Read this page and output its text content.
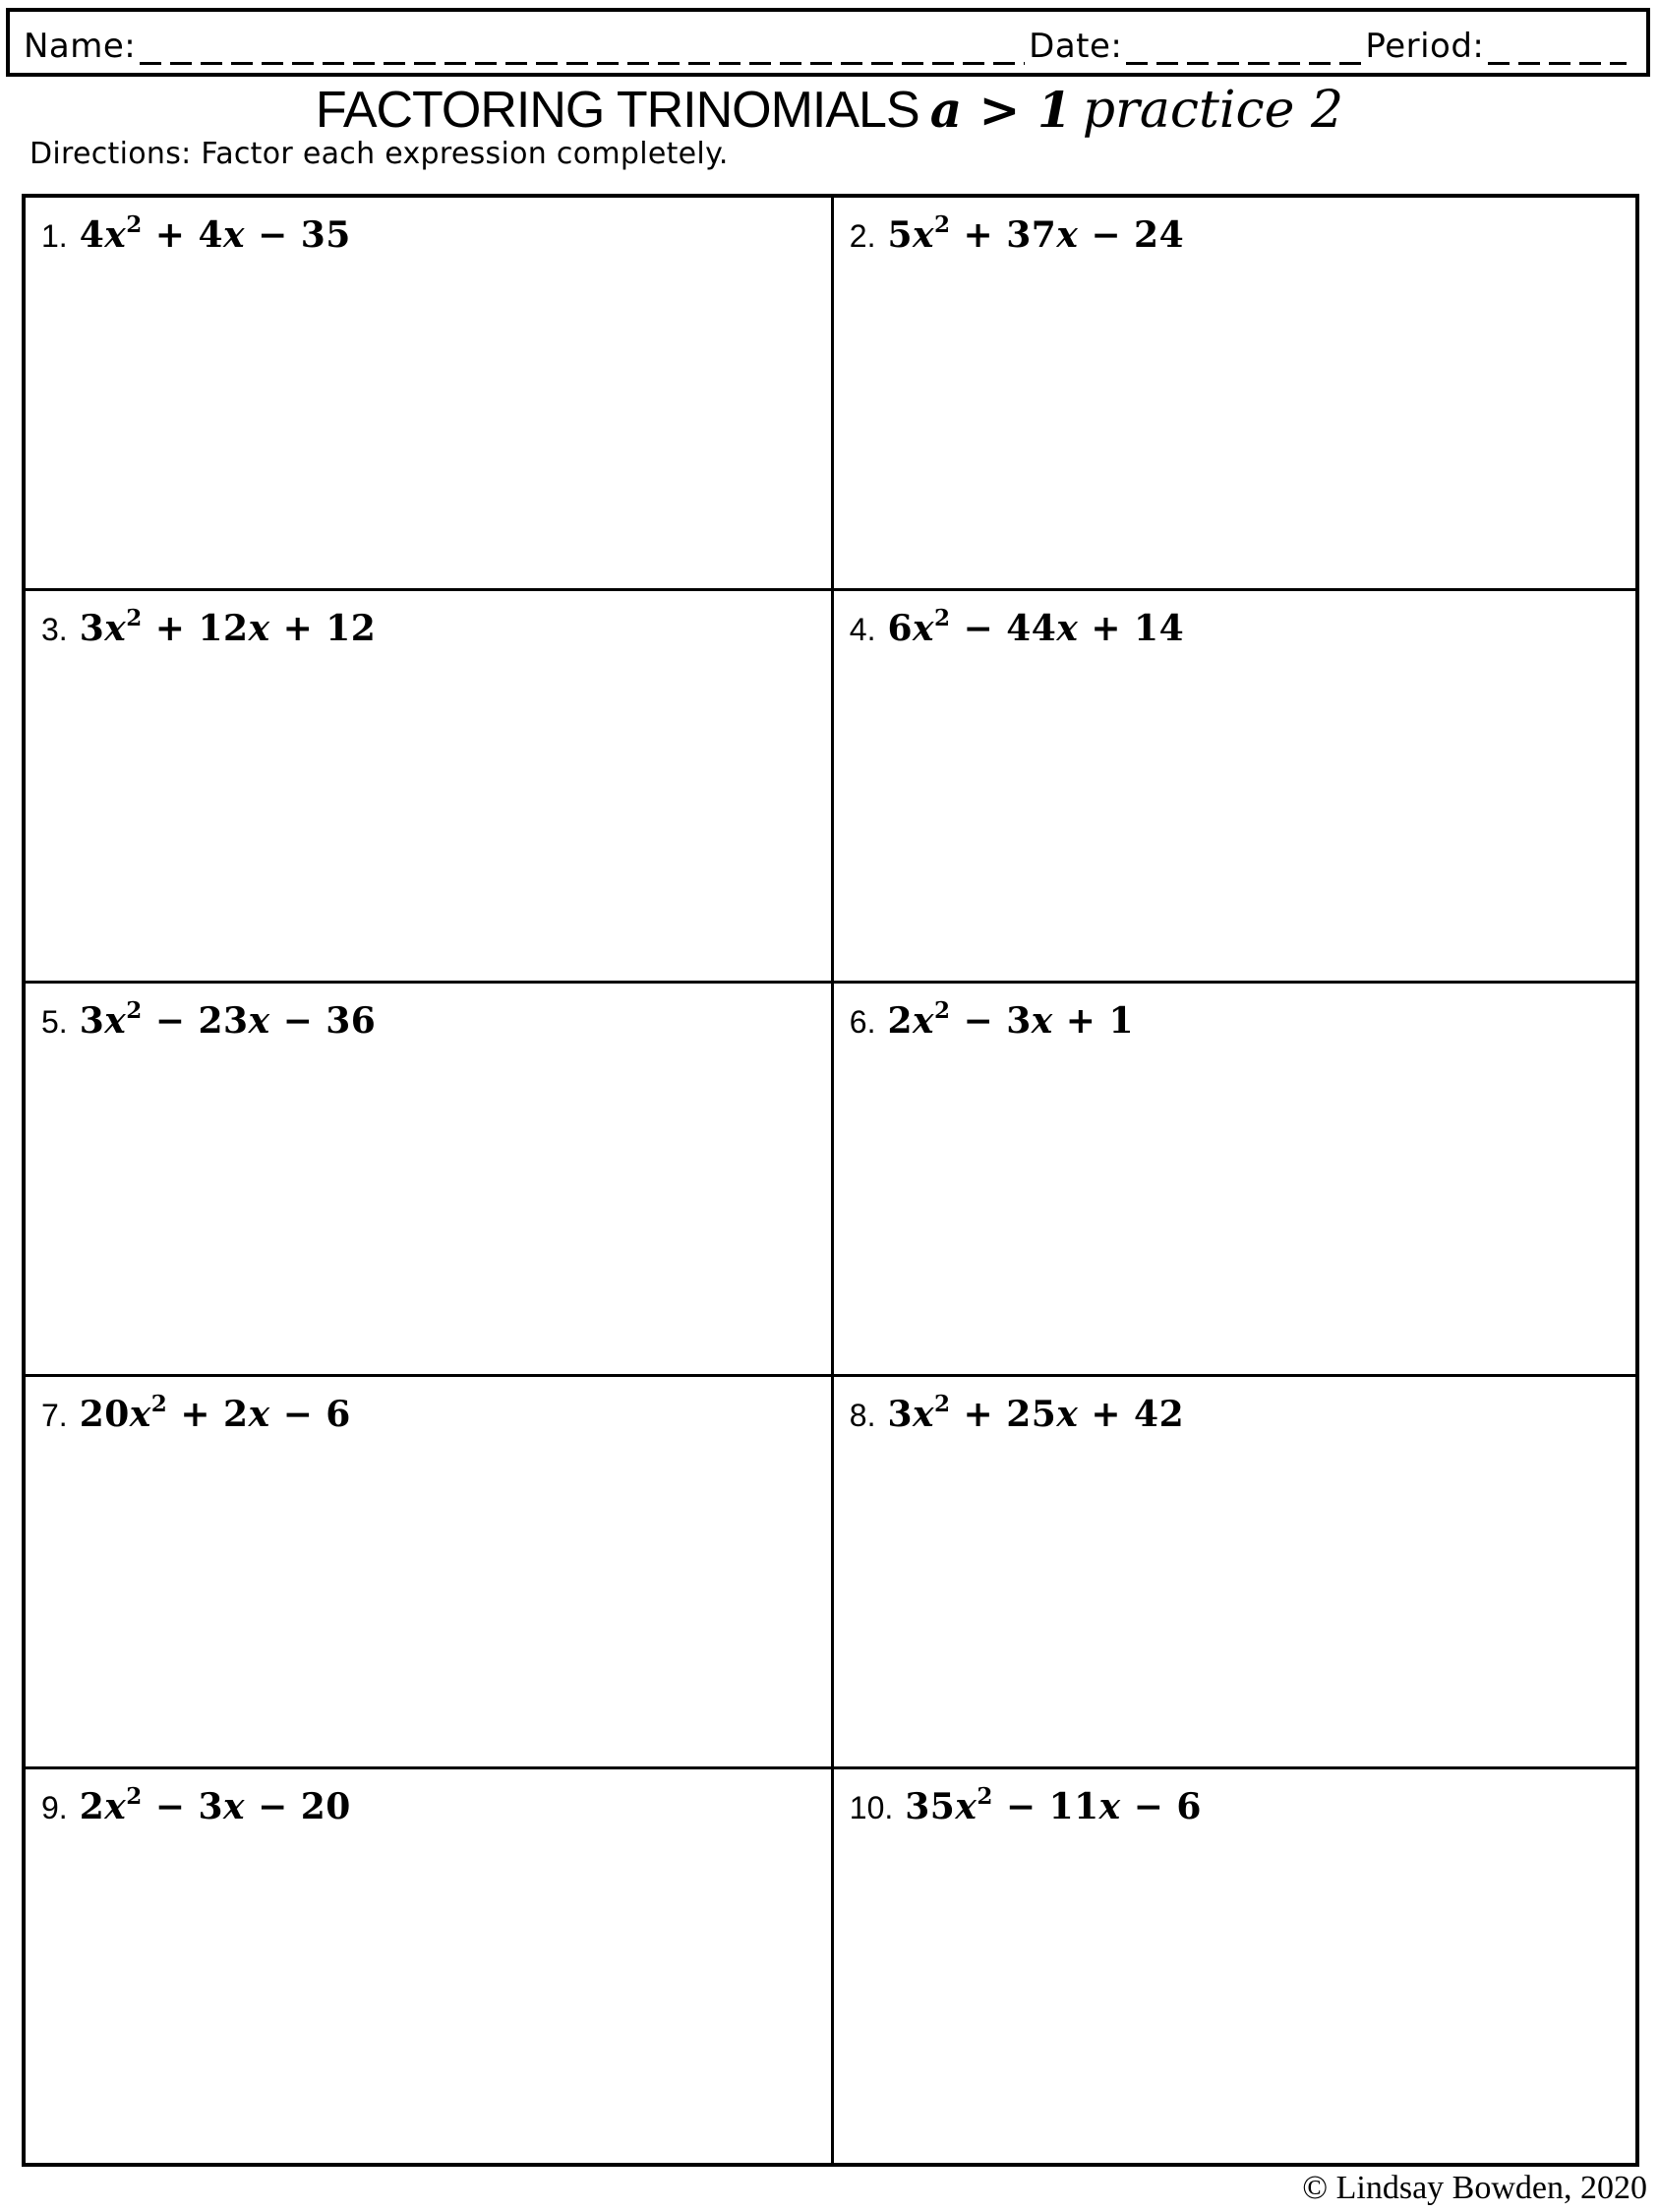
Name:	Date:	Period:
FACTORING TRINOMIALS a > 1 practice 2
Directions: Factor each expression completely.
1. $4x^2 + 4x - 35$	2. $5x^2 + 37x - 24$
3. $3x^2 + 12x + 12$	4. $6x^2 - 44x + 14$
5. $3x^2 - 23x - 36$	6. $2x^2 - 3x + 1$
7. $20x^2 + 2x - 6$	8. $3x^2 + 25x + 42$
9. $2x^2 - 3x - 20$	10. $35x^2 - 11x - 6$
© Lindsay Bowden, 2020
